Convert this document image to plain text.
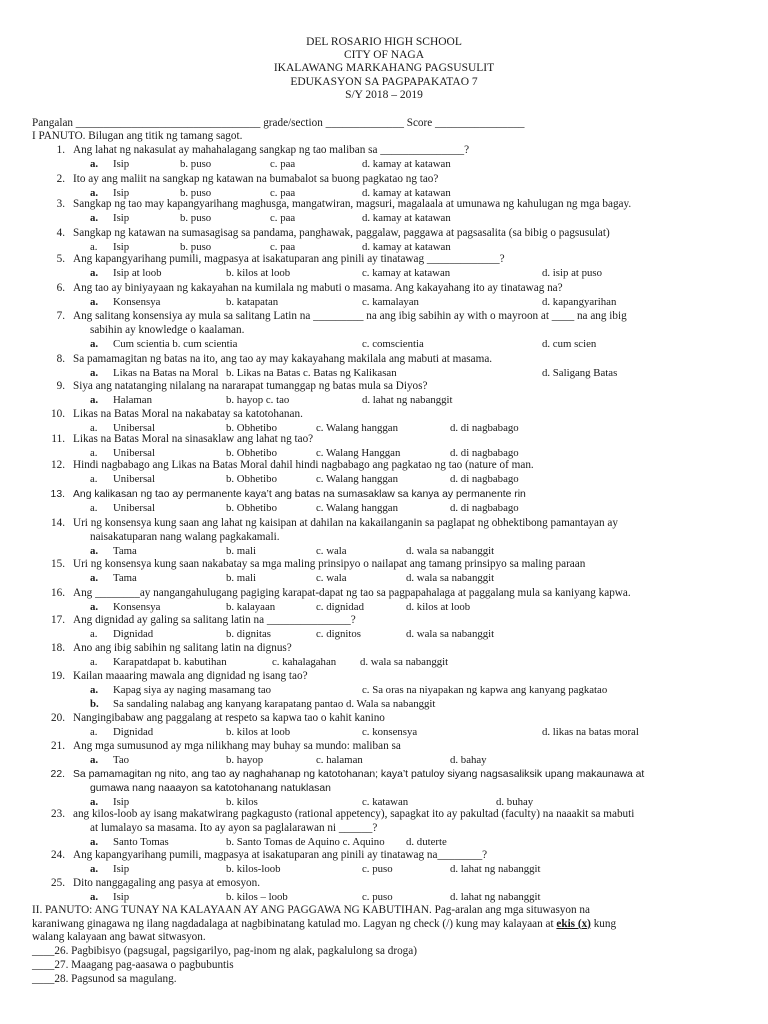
DEL ROSARIO HIGH SCHOOL
CITY OF NAGA
IKALAWANG MARKAHANG PAGSUSULIT
EDUKASYON SA PAGPAPAKATAO 7
S/Y 2018 – 2019
Pangalan _________________________________ grade/section ______________ Score ________________
I PANUTO. Bilugan ang titik ng tamang sagot.
1. Ang lahat ng nakasulat ay mahahalagang sangkap ng tao maliban sa _______________?
a. Isip	b. puso	c. paa	d. kamay at katawan
2. Ito ay ang maliit na sangkap ng katawan na bumabalot sa buong pagkatao ng tao?
a. Isip	b. puso	c. paa	d. kamay at katawan
3. Sangkap ng tao may kapangyarihang maghusga, mangatwiran, magsuri, magalaala at umunawa ng kahulugan ng mga bagay.
a. Isip	b. puso	c. paa	d. kamay at katawan
4. Sangkap ng katawan na sumasagisag sa pandama, panghawak, paggalaw, paggawa at pagsasalita (sa bibig o pagsusulat)
a. Isip	b. puso	c. paa	d. kamay at katawan
5. Ang kapangyarihang pumili, magpasya at isakatuparan ang pinili ay tinatawag _____________?
a. Isip at loob	b. kilos at loob	c. kamay at katawan	d. isip at puso
6. Ang tao ay biniyayaan ng kakayahan na kumilala ng mabuti o masama. Ang kakayahang ito ay tinatawag na?
a. Konsensya	b. katapatan	c. kamalayan	d. kapangyarihan
7. Ang salitang konsensiya ay mula sa salitang Latin na _________ na ang ibig sabihin ay with o mayroon at ____ na ang ibig
sabihin ay knowledge o kaalaman.
a. Cum scientia b. cum scientia	c. comscientia	d. cum scien
8. Sa pamamagitan ng batas na ito, ang tao ay may kakayahang makilala ang mabuti at masama.
a. Likas na Batas na Moral b. Likas na Batas c. Batas ng Kalikasan	d. Saligang Batas
9. Siya ang natatanging nilalang na nararapat tumanggap ng batas mula sa Diyos?
a. Halaman	b. hayop c. tao	d. lahat ng nabanggit
10. Likas na Batas Moral na nakabatay sa katotohanan.
a. Unibersal	b. Obhetibo	c. Walang hanggan	d. di nagbabago
11. Likas na Batas Moral na sinasaklaw ang lahat ng tao?
a. Unibersal	b. Obhetibo	c. Walang Hanggan	d. di nagbabago
12. Hindi nagbabago ang Likas na Batas Moral dahil hindi nagbabago ang pagkatao ng tao (nature of man.
a. Unibersal	b. Obhetibo	c. Walang hanggan	d. di nagbabago
13. Ang kalikasan ng tao ay permanente kaya’t ang batas na sumasaklaw sa kanya ay permanente rin
a. Unibersal	b. Obhetibo	c. Walang hanggan	d. di nagbabago
14. Uri ng konsensya kung saan ang lahat ng kaisipan at dahilan na kakailanganin sa paglapat ng obhektibong pamantayan ay
naisakatuparan nang walang pagkakamali.
a. Tama	b. mali	c. wala	d. wala sa nabanggit
15. Uri ng konsensya kung saan nakabatay sa mga maling prinsipyo o nailapat ang tamang prinsipyo sa maling paraan
a. Tama	b. mali	c. wala	d. wala sa nabanggit
16. Ang ________ay nangangahulugang pagiging karapat-dapat ng tao sa pagpapahalaga at paggalang mula sa kaniyang kapwa.
a. Konsensya	b. kalayaan	c. dignidad	d. kilos at loob
17. Ang dignidad ay galing sa salitang latin na _______________?
a. Dignidad	b. dignitas	c. dignitos	d. wala sa nabanggit
18. Ano ang ibig sabihin ng salitang latin na dignus?
a. Karapatdapat b. kabutihan	c. kahalagahan d. wala sa nabanggit
19. Kailan maaaring mawala ang dignidad ng isang tao?
a. Kapag siya ay naging masamang tao	c. Sa oras na niyapakan ng kapwa ang kanyang pagkatao
b. Sa sandaling nalabag ang kanyang karapatang pantao d. Wala sa nabanggit
20. Nangingibabaw ang paggalang at respeto sa kapwa tao o kahit kanino
a. Dignidad	b. kilos at loob	c. konsensya	d. likas na batas moral
21. Ang mga sumusunod ay mga nilikhang may buhay sa mundo: maliban sa
a. Tao	b. hayop	c. halaman	d. bahay
22. Sa pamamagitan ng nito, ang tao ay naghahanap ng katotohanan; kaya’t patuloy siyang nagsasaliksik upang makaunawa at
gumawa nang naaayon sa katotohanang natuklasan
a. Isip	b. kilos	c. katawan	d. buhay
23. ang kilos-loob ay isang makatwirang pagkagusto (rational appetency), sapagkat ito ay pakultad (faculty) na naaakit sa mabuti
at lumalayo sa masama. Ito ay ayon sa paglalarawan ni ______?
a. Santo Tomas	b. Santo Tomas de Aquino c. Aquino d. duterte
24. Ang kapangyarihang pumili, magpasya at isakatuparan ang pinili ay tinatawag na________?
a. Isip	b. kilos-loob	c. puso	d. lahat ng nabanggit
25. Dito nanggagaling ang pasya at emosyon.
a. Isip	b. kilos – loob	c. puso	d. lahat ng nabanggit
II. PANUTO: ANG TUNAY NA KALAYAAN AY ANG PAGGAWA NG KABUTIHAN. Pag-aralan ang mga situwasyon na
karaniwang ginagawa ng ilang nagdadalaga at nagbibinatang katulad mo. Lagyan ng check (/) kung may kalayaan at ekis (x) kung
walang kalayaan ang bawat sitwasyon.
____26. Pagbibisyo (pagsugal, pagsigarilyo, pag-inom ng alak, pagkalulong sa droga)
____27. Maagang pag-aasawa o pagbubuntis
____28. Pagsunod sa magulang.
